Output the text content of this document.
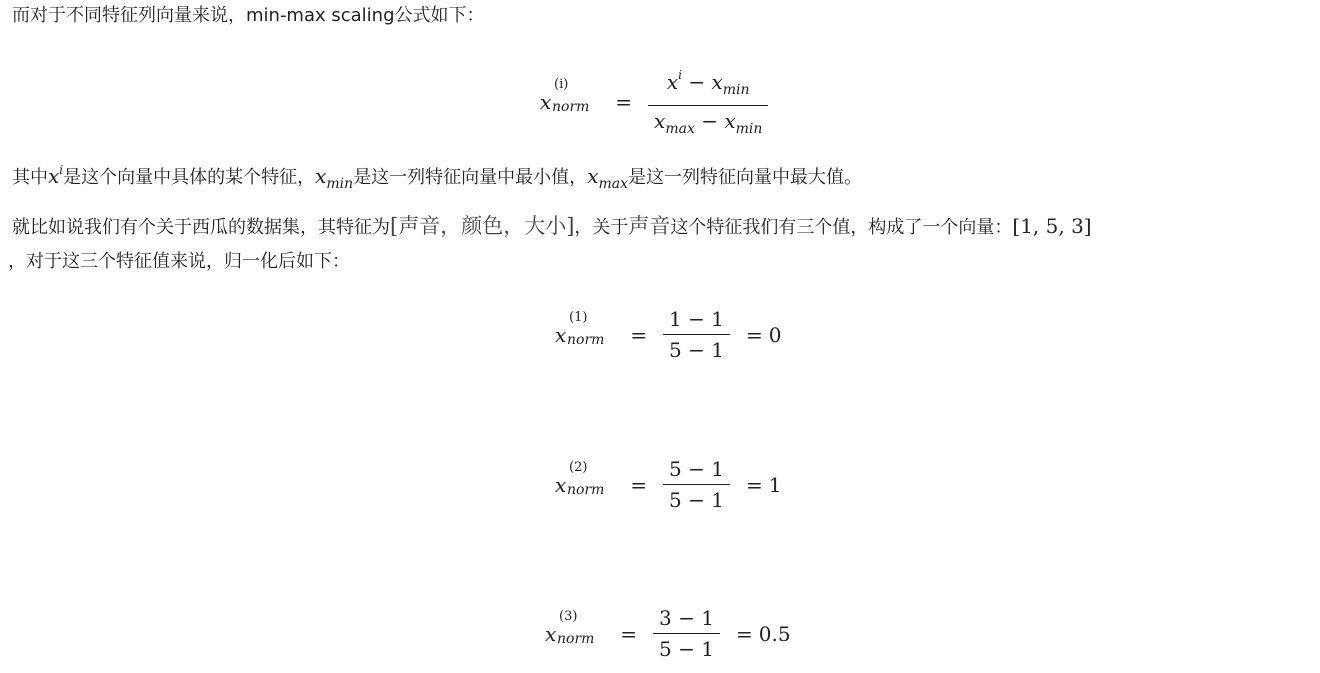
而对于不同特征列向量来说，min-max scaling公式如下：
x
(i)
norm = $\frac{x^i - x_{min}}{x_{max} - x_{min}}$
其中$x^i$是这个向量中具体的某个特征，$x_{min}$是这一列特征向量中最小值，$x_{max}$是这一列特征向量中最大值。
就比如说我们有个关于西瓜的数据集，其特征为[声音，颜色，大小]，关于声音这个特征我们有三个值，构成了一个向量：[1, 5, 3]
，对于这三个特征值来说，归一化后如下：
x
(1)
norm = $\frac{1 - 1}{5 - 1} = 0$
x
(2)
norm = $\frac{5 - 1}{5 - 1} = 1$
x
(3)
norm = $\frac{3 - 1}{5 - 1} = 0.5$
